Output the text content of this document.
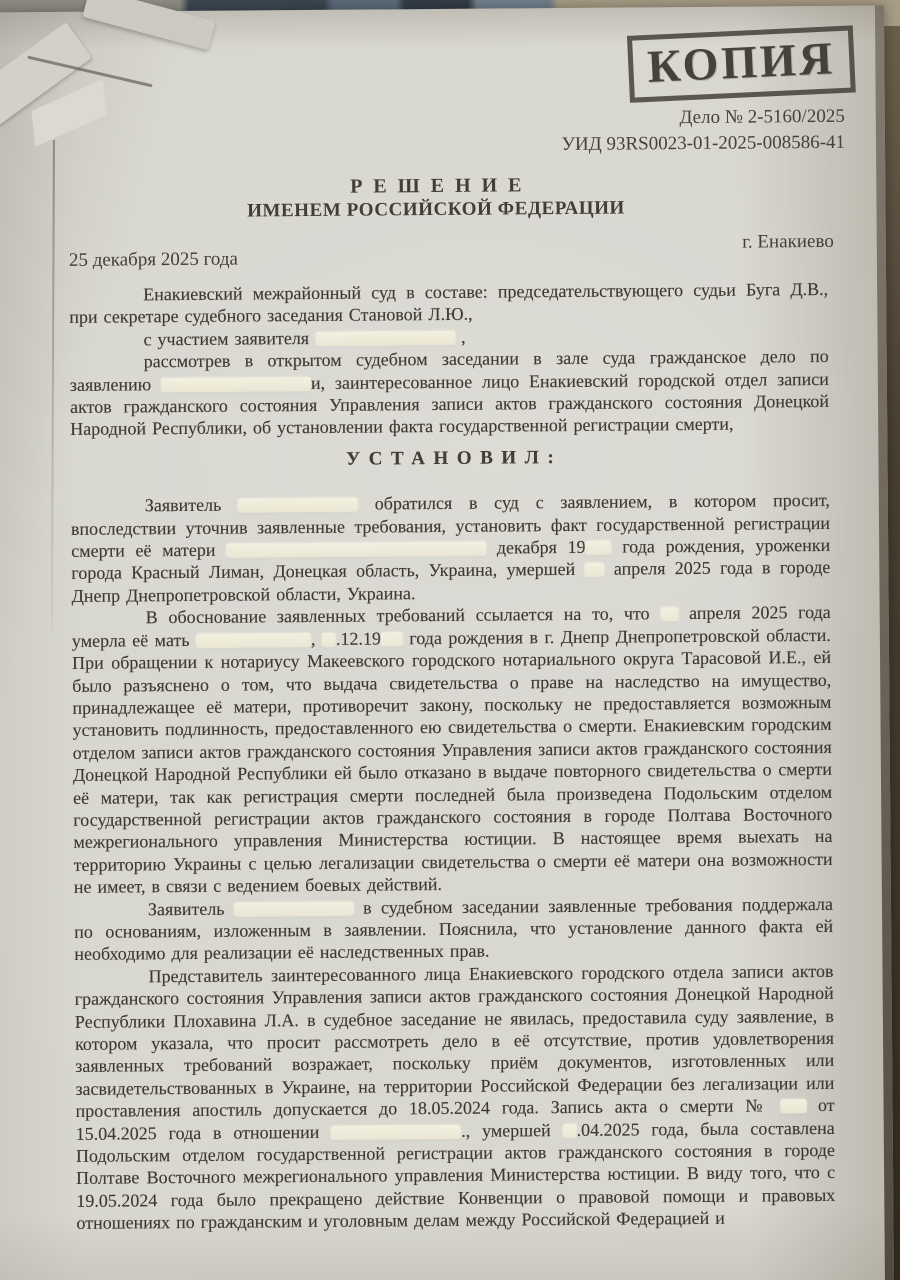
КОПИЯ
Дело № 2-5160/2025
УИД 93RS0023-01-2025-008586-41
РЕШЕНИЕ
ИМЕНЕМ РОССИЙСКОЙ ФЕДЕРАЦИИ
25 декабря 2025 года
г. Енакиево

Енакиевский межрайонный суд в составе: председательствующего судьи Буга Д.В., при секретаре судебного заседания Становой Л.Ю.,

с участием заявителя	,

рассмотрев в открытом судебном заседании в зале суда гражданское дело по заявлению	и, заинтересованное лицо Енакиевский городской отдел записи актов гражданского состояния Управления записи актов гражданского состояния Донецкой Народной Республики, об установлении факта государственной регистрации смерти,

УСТАНОВИЛ:

Заявитель	обратился в суд с заявлением, в котором просит, впоследствии уточнив заявленные требования, установить факт государственной регистрации смерти её матери	декабря 19 года рождения, уроженки города Красный Лиман, Донецкая область, Украина, умершей  апреля 2025 года в городе Днепр Днепропетровской области, Украина.

В обоснование заявленных требований ссылается на то, что  апреля 2025 года умерла её мать	, .12.19 года рождения в г. Днепр Днепропетровской области. При обращении к нотариусу Макеевского городского нотариального округа Тарасовой И.Е., ей было разъяснено о том, что выдача свидетельства о праве на наследство на имущество, принадлежащее её матери, противоречит закону, поскольку не предоставляется возможным установить подлинность, предоставленного ею свидетельства о смерти. Енакиевским городским отделом записи актов гражданского состояния Управления записи актов гражданского состояния Донецкой Народной Республики ей было отказано в выдаче повторного свидетельства о смерти её матери, так как регистрация смерти последней была произведена Подольским отделом государственной регистрации актов гражданского состояния в городе Полтава Восточного межрегионального управления Министерства юстиции. В настоящее время выехать на территорию Украины с целью легализации свидетельства о смерти её матери она возможности не имеет, в связи с ведением боевых действий.

Заявитель	в судебном заседании заявленные требования поддержала по основаниям, изложенным в заявлении. Пояснила, что установление данного факта ей необходимо для реализации её наследственных прав.

Представитель заинтересованного лица Енакиевского городского отдела записи актов гражданского состояния Управления записи актов гражданского состояния Донецкой Народной Республики Плохавина Л.А. в судебное заседание не явилась, предоставила суду заявление, в котором указала, что просит рассмотреть дело в её отсутствие, против удовлетворения заявленных требований возражает, поскольку приём документов, изготовленных или засвидетельствованных в Украине, на территории Российской Федерации без легализации или проставления апостиль допускается до 18.05.2024 года. Запись акта о смерти №  от 15.04.2025 года в отношении	., умершей .04.2025 года, была составлена Подольским отделом государственной регистрации актов гражданского состояния в городе Полтаве Восточного межрегионального управления Министерства юстиции. В виду того, что с 19.05.2024 года было прекращено действие Конвенции о правовой помощи и правовых отношениях по гражданским и уголовным делам между Российской Федерацией и
